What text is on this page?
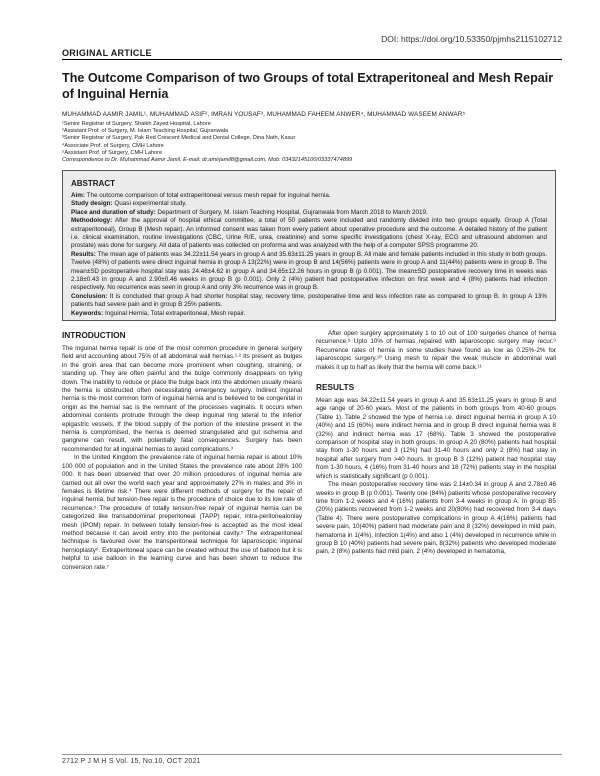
DOI: https://doi.org/10.53350/pjmhs2115102712
ORIGINAL ARTICLE
The Outcome Comparison of two Groups of total Extraperitoneal and Mesh Repair of Inguinal Hernia
MUHAMMAD AAMIR JAMIL¹, MUHAMMAD ASIF², IMRAN YOUSAF³, MUHAMMAD FAHEEM ANWER⁴, MUHAMMAD WASEEM ANWAR⁵
¹Senior Registrar of Surgery, Shaikh Zayed Hospital, Lahore
²Assistant Prof. of Surgery, M. Islam Teaching Hospital, Gujranwala
³Senior Registrar of Surgery, Pak Red Crescent Medical and Dental College, Dina Nath, Kasur
⁴Associate Prof. of Surgery, CMH Lahore
⁵Assistant Prof. of Surgery, CMH Lahore
Correspondence to Dr. Muhammad Aamir Jamil, E-mail: dr.amirjamil8@gmail.com, Mob: 03432145100/03337474899
ABSTRACT

Aim: The outcome comparison of total extraperitoneal versus mesh repair for inguinal hernia.

Study design: Quasi experimental study.

Place and duration of study: Department of Surgery, M. Islam Teaching Hospital, Gujranwala from March 2018 to March 2019.

Methodology: After the approval of hospital ethical committee, a total of 50 patients were included and randomly divided into two groups equally. Group A (Total extraperitoneal), Group B (Mesh repair). An informed consent was taken from every patient about operative procedure and the outcome. A detailed history of the patient i.e. clinical examination, routine investigations (CBC, Urine R/E, urea, creatinine) and some specific investigations (chest X-ray, ECG and ultrasound abdomen and prostate) was done for surgery. All data of patients was collected on proforma and was analyzed with the help of a computer SPSS programme 20.

Results: The mean age of patients was 34.22±11.54 years in group A and 35.63±11.25 years in group B. All male and female patients included in this study in both groups. Twelve (48%) of patients were direct inguinal hernia in group A 13(22%) were in group B and 14(56%) patients were in group A and 11(44%) patients were in group B. The mean±SD postoperative hospital stay was 24.48±4.62 in group A and 34.65±12.26 hours in group B (p 0.001). The mean±SD postoperative recovery time in weeks was 2.18±0.43 in group A and 2.90±0.46 weeks in group B (p 0.001). Only 2 (4%) patient had postoperative infection on first week and 4 (8%) patients had infection respectively. No recurrence was seen in group A and only 3% recurrence was in group B.

Conclusion: It is concluded that group A had shorter hospital stay, recovery time, postoperative time and less infection rate as compared to group B. In group A 13% patients had severe pain and in group B 25% patients.

Keywords: Inguinal Hernia, Total extraperitoneal, Mesh repair.

INTRODUCTION

The inguinal hernia repair is one of the most common procedure in general surgery field and accounting about 75% of all abdominal wall hernias.¹·² Its present as bulges in the groin area that can become more prominent when coughing, straining, or standing up. They are often painful and the bulge commonly disappears on lying down. The inability to reduce or place the bulge back into the abdomen usually means the hernia is obstructed often necessitating emergency surgery. Indirect inguinal hernia is the most common form of inguinal hernia and is believed to be congenital in origin as the hernial sac is the remnant of the processes vaginalis. It occurs when abdominal contents protrude through the deep inguinal ring lateral to the inferior epigastric vessels. If the blood supply of the portion of the intestine present in the hernia is compromised, the hernia is deemed strangulated and gut ischemia and gangrene can result, with potentially fatal consequences. Surgery has been recommended for all inguinal hernias to avoid complications.³

In the United Kingdom the prevalence rate of inguinal hernia repair is about 10% 100 000 of population and in the United States the prevalence rate about 28% 100 000. It has been observed that over 20 million procedures of inguinal hernia are carried out all over the world each year and approximately 27% in males and 3% in females is lifetime risk.⁴ There were different methods of surgery for the repair of inguinal hernia, but tension-free repair is the procedure of choice due to its low rate of recurrence.⁵ The procedure of totally tension-free repair of inguinal hernia can be categorized like transabdominal preperitoneal (TAPP) repair, intra-peritonealonlay mesh (IPOM) repair. In between totally tension-free is accepted as the most ideal method because it can avoid entry into the peritoneal cavity.⁵ The extraperitoneal technique is favoured over the transperitoneal technique for laparoscopic inguinal hernioplasty⁶. Extraperitoneal space can be created without the use of balloon but it is helpful to use balloon in the learning curve and has been shown to reduce the conversion rate.⁷

After open surgery approximately 1 to 10 out of 100 surgeries chance of hernia recurrence.⁸ Upto 10% of hernias repaired with laparoscopic surgery may recur.⁹ Recurrence rates of hernia in some studies have found as low as 0.25%-2% for laparoscopic surgery.¹⁰ Using mesh to repair the weak muscle in abdominal wall makes it up to half as likely that the hernia will come back.¹¹

RESULTS

Mean age was 34.22±11.54 years in group A and 35.63±11.25 years in group B and age range of 20-60 years. Most of the patients in both groups from 40-60 groups (Table 1). Table 2 showed the type of hernia i.e. direct inguinal hernia in group A 10 (40%) and 15 (60%) were indirect hernia and in group B direct inguinal hernia was 8 (32%) and indirect hernia was 17 (68%). Table 3 showed the postoperative comparison of hospital stay in both groups. In group A 20 (80%) patients had hospital stay from 1-30 hours and 3 (12%) had 31-40 hours and only 2 (8%) had stay in hospital after surgery from >40 hours. In group B 3 (12%) patient had hospital stay from 1-30 hours, 4 (16%) from 31-40 hours and 18 (72%) patients stay in the hospital which is statistically significant (p 0.001).

The mean postoperative recovery time was 2.14±0.34 in group A and 2.78±0.46 weeks in group B (p 0.001). Twenty one (84%) patients whose postoperative recovery time from 1-2 weeks and 4 (16%) patients from 3-4 weeks in group A. In group B5 (20%) patients recovered from 1-2 weeks and 20(80%) had recovered from 3-4 days (Table 4). There were postoperative complications in group A 4(16%) patients had severe pain, 10(40%) patient had moderate pain and 8 (32%) developed in mild pain, hematoma in 1(4%), infection 1(4%) and also 1 (4%) developed in recurrence while in group B 10 (40%) patients had severe pain, 8(32%) patients who developed moderate pain, 2 (8%) patients had mild pain, 2 (4%) developed in hematoma,

2712 P J M H S Vol. 15, No.10, OCT 2021
